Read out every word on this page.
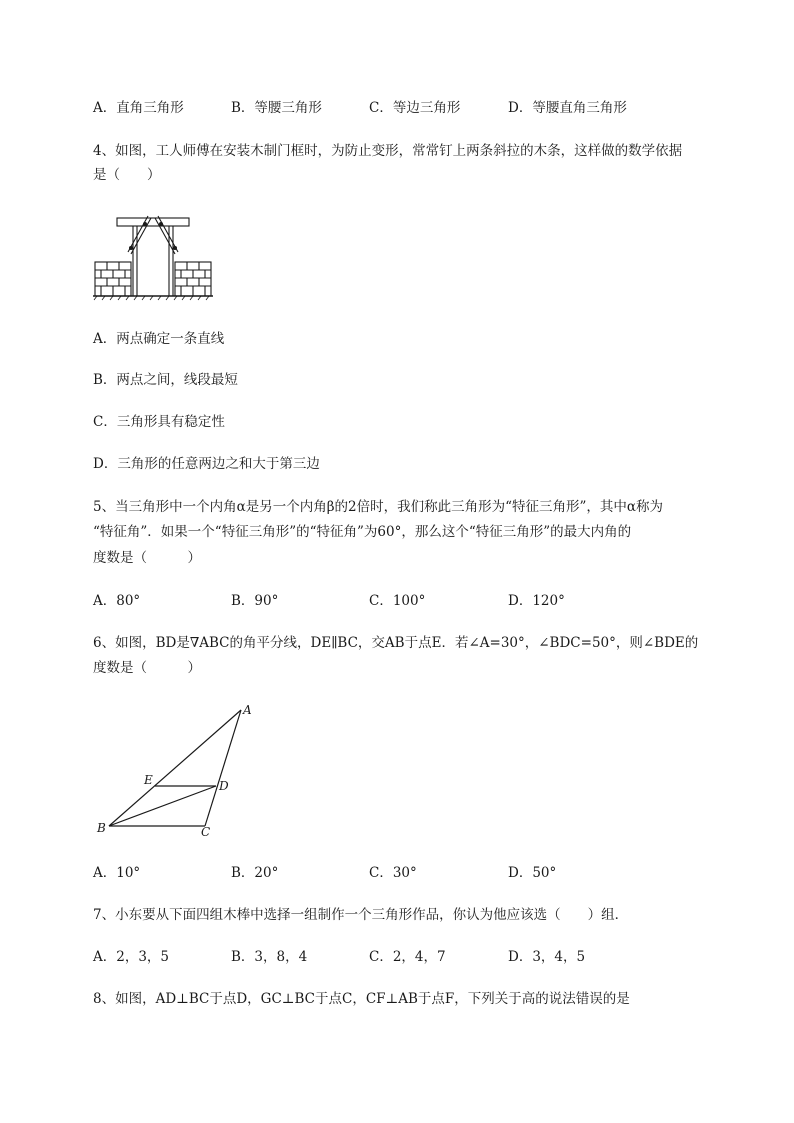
A．直角三角形	B．等腰三角形	C．等边三角形	D．等腰直角三角形
4、如图，工人师傅在安装木制门框时，为防止变形，常常钉上两条斜拉的木条，这样做的数学依据
是（　　）
A．两点确定一条直线
B．两点之间，线段最短
C．三角形具有稳定性
D．三角形的任意两边之和大于第三边
5、当三角形中一个内角α是另一个内角β的2倍时，我们称此三角形为“特征三角形”，其中α称为
“特征角”．如果一个“特征三角形”的“特征角”为60°，那么这个“特征三角形”的最大内角的
度数是（　　　）
A．80°	B．90°	C．100°	D．120°
6、如图，BD是∇ABC的角平分线，DE∥BC，交AB于点E．若∠A=30°，∠BDC=50°，则∠BDE的
度数是（　　　）
A
B	C
D
E
A．10°	B．20°	C．30°	D．50°
7、小东要从下面四组木棒中选择一组制作一个三角形作品，你认为他应该选（　　）组．
A．2，3，5	B．3，8，4	C．2，4，7	D．3，4，5
8、如图，AD⊥BC于点D，GC⊥BC于点C，CF⊥AB于点F，下列关于高的说法错误的是
